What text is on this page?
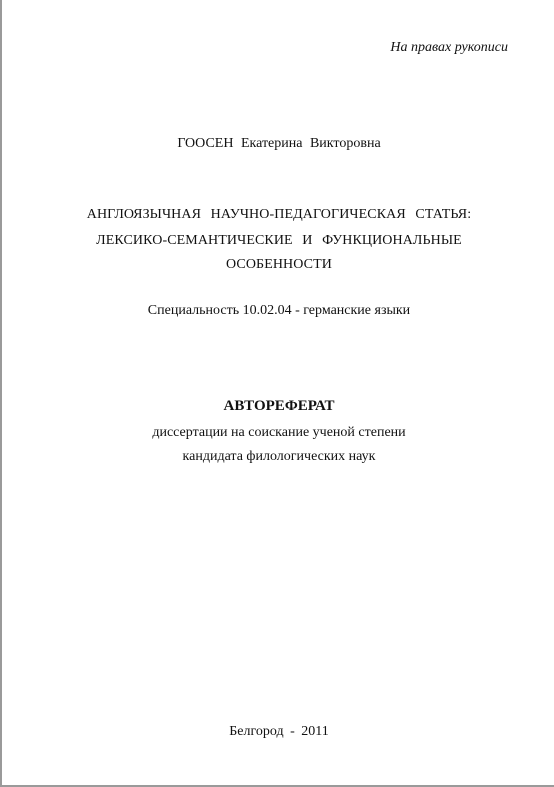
На правах рукописи
ГООСЕН Екатерина Викторовна
АНГЛОЯЗЫЧНАЯ НАУЧНО-ПЕДАГОГИЧЕСКАЯ СТАТЬЯ:
ЛЕКСИКО-СЕМАНТИЧЕСКИЕ И ФУНКЦИОНАЛЬНЫЕ
ОСОБЕННОСТИ
Специальность 10.02.04 - германские языки
АВТОРЕФЕРАТ
диссертации на соискание ученой степени
кандидата филологических наук
Белгород - 2011
